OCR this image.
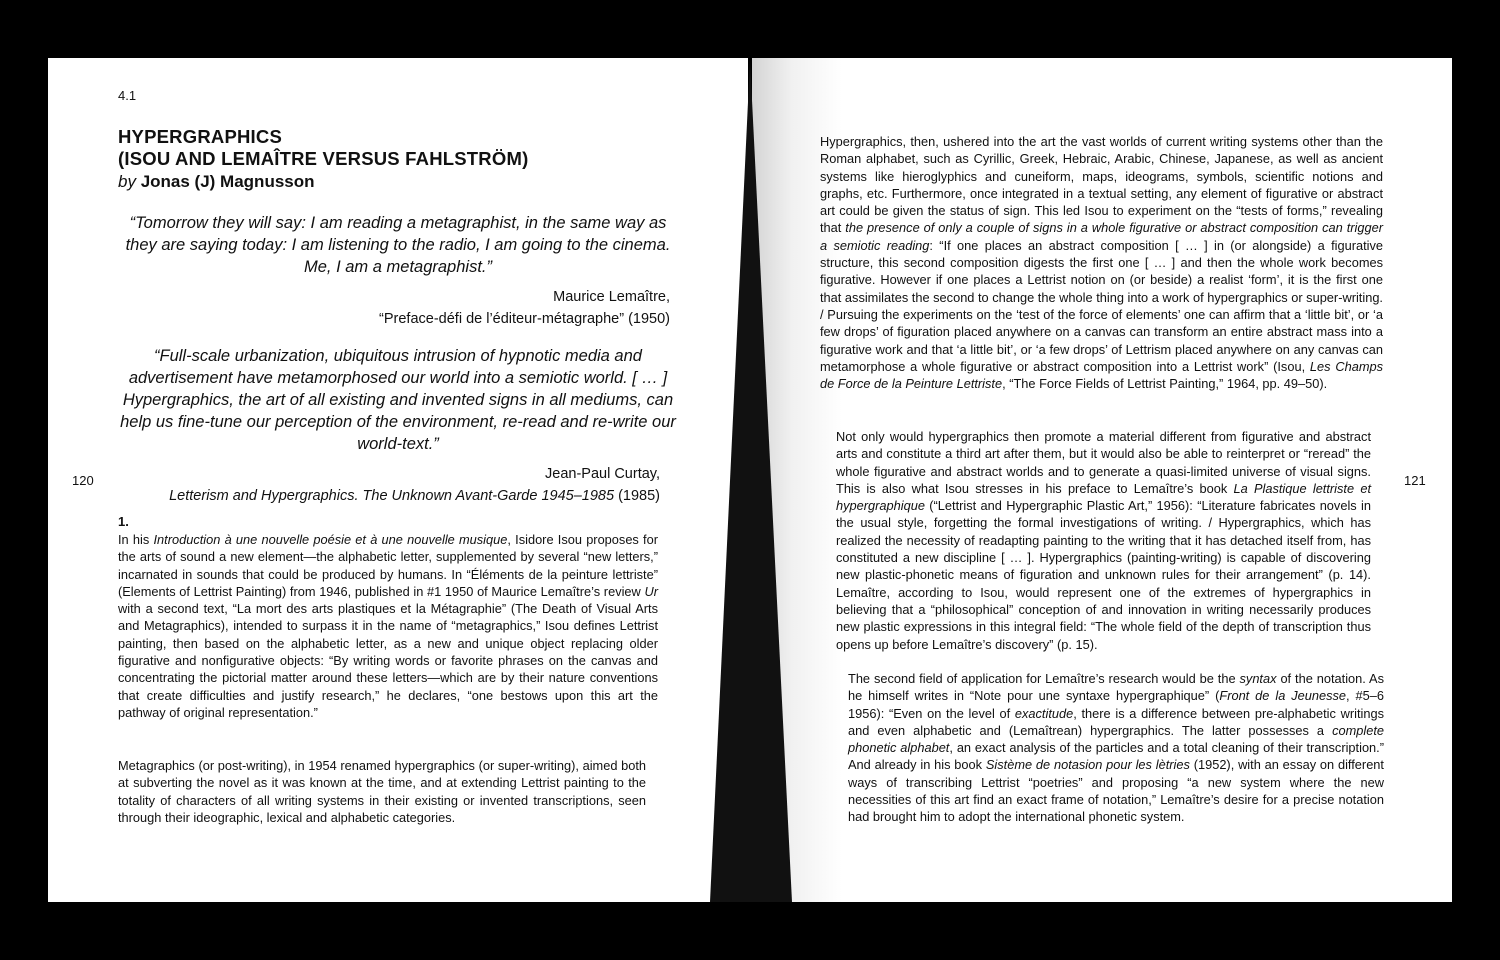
4.1
120
HYPERGRAPHICS
(ISOU AND LEMAÎTRE VERSUS FAHLSTRÖM)
by Jonas (J) Magnusson
“Tomorrow they will say: I am reading a metagraphist, in the same way as they are saying today: I am listening to the radio, I am going to the cinema. Me, I am a metagraphist.”
Maurice Lemaître,
“Preface-défi de l’éditeur-métagraphe” (1950)
“Full-scale urbanization, ubiquitous intrusion of hypnotic media and advertisement have metamorphosed our world into a semiotic world. [ … ] Hypergraphics, the art of all existing and invented signs in all mediums, can help us fine-tune our perception of the environment, re-read and re-write our world-text.”
Jean-Paul Curtay,
Letterism and Hypergraphics. The Unknown Avant-Garde 1945–1985 (1985)
1.

In his Introduction à une nouvelle poésie et à une nouvelle musique, Isidore Isou proposes for the arts of sound a new element—the alphabetic letter, supplemented by several “new letters,” incarnated in sounds that could be produced by humans. In “Éléments de la peinture lettriste” (Elements of Lettrist Painting) from 1946, published in #1 1950 of Maurice Lemaître’s review Ur with a second text, “La mort des arts plastiques et la Métagraphie” (The Death of Visual Arts and Metagraphics), intended to surpass it in the name of “metagraphics,” Isou defines Lettrist painting, then based on the alphabetic letter, as a new and unique object replacing older figurative and nonfigurative objects: “By writing words or favorite phrases on the canvas and concentrating the pictorial matter around these letters—which are by their nature conventions that create difficulties and justify research,” he declares, “one bestows upon this art the pathway of original representation.”

Metagraphics (or post-writing), in 1954 renamed hypergraphics (or super-writing), aimed both at subverting the novel as it was known at the time, and at extending Lettrist painting to the totality of characters of all writing systems in their existing or invented transcriptions, seen through their ideographic, lexical and alphabetic categories.

121

Hypergraphics, then, ushered into the art the vast worlds of current writing systems other than the Roman alphabet, such as Cyrillic, Greek, Hebraic, Arabic, Chinese, Japanese, as well as ancient systems like hieroglyphics and cuneiform, maps, ideograms, symbols, scientific notions and graphs, etc. Furthermore, once integrated in a textual setting, any element of figurative or abstract art could be given the status of sign. This led Isou to experiment on the “tests of forms,” revealing that the presence of only a couple of signs in a whole figurative or abstract composition can trigger a semiotic reading: “If one places an abstract composition [ … ] in (or alongside) a figurative structure, this second composition digests the first one [ … ] and then the whole work becomes figurative. However if one places a Lettrist notion on (or beside) a realist ‘form’, it is the first one that assimilates the second to change the whole thing into a work of hypergraphics or super-writing. / Pursuing the experiments on the ‘test of the force of elements’ one can affirm that a ‘little bit’, or ‘a few drops’ of figuration placed anywhere on a canvas can transform an entire abstract mass into a figurative work and that ‘a little bit’, or ‘a few drops’ of Lettrism placed anywhere on any canvas can metamorphose a whole figurative or abstract composition into a Lettrist work” (Isou, Les Champs de Force de la Peinture Lettriste, “The Force Fields of Lettrist Painting,” 1964, pp. 49–50).

Not only would hypergraphics then promote a material different from figurative and abstract arts and constitute a third art after them, but it would also be able to reinterpret or “reread” the whole figurative and abstract worlds and to generate a quasi-limited universe of visual signs. This is also what Isou stresses in his preface to Lemaître’s book La Plastique lettriste et hypergraphique (“Lettrist and Hypergraphic Plastic Art,” 1956): “Literature fabricates novels in the usual style, forgetting the formal investigations of writing. / Hypergraphics, which has realized the necessity of readapting painting to the writing that it has detached itself from, has constituted a new discipline [ … ]. Hypergraphics (painting-writing) is capable of discovering new plastic-phonetic means of figuration and unknown rules for their arrangement” (p. 14). Lemaître, according to Isou, would represent one of the extremes of hypergraphics in believing that a “philosophical” conception of and innovation in writing necessarily produces new plastic expressions in this integral field: “The whole field of the depth of transcription thus opens up before Lemaître’s discovery” (p. 15).

The second field of application for Lemaître’s research would be the syntax of the notation. As he himself writes in “Note pour une syntaxe hypergraphique” (Front de la Jeunesse, #5–6 1956): “Even on the level of exactitude, there is a difference between pre-alphabetic writings and even alphabetic and (Lemaîtrean) hypergraphics. The latter possesses a complete phonetic alphabet, an exact analysis of the particles and a total cleaning of their transcription.” And already in his book Sistème de notasion pour les lètries (1952), with an essay on different ways of transcribing Lettrist “poetries” and proposing “a new system where the new necessities of this art find an exact frame of notation,” Lemaître’s desire for a precise notation had brought him to adopt the international phonetic system.
